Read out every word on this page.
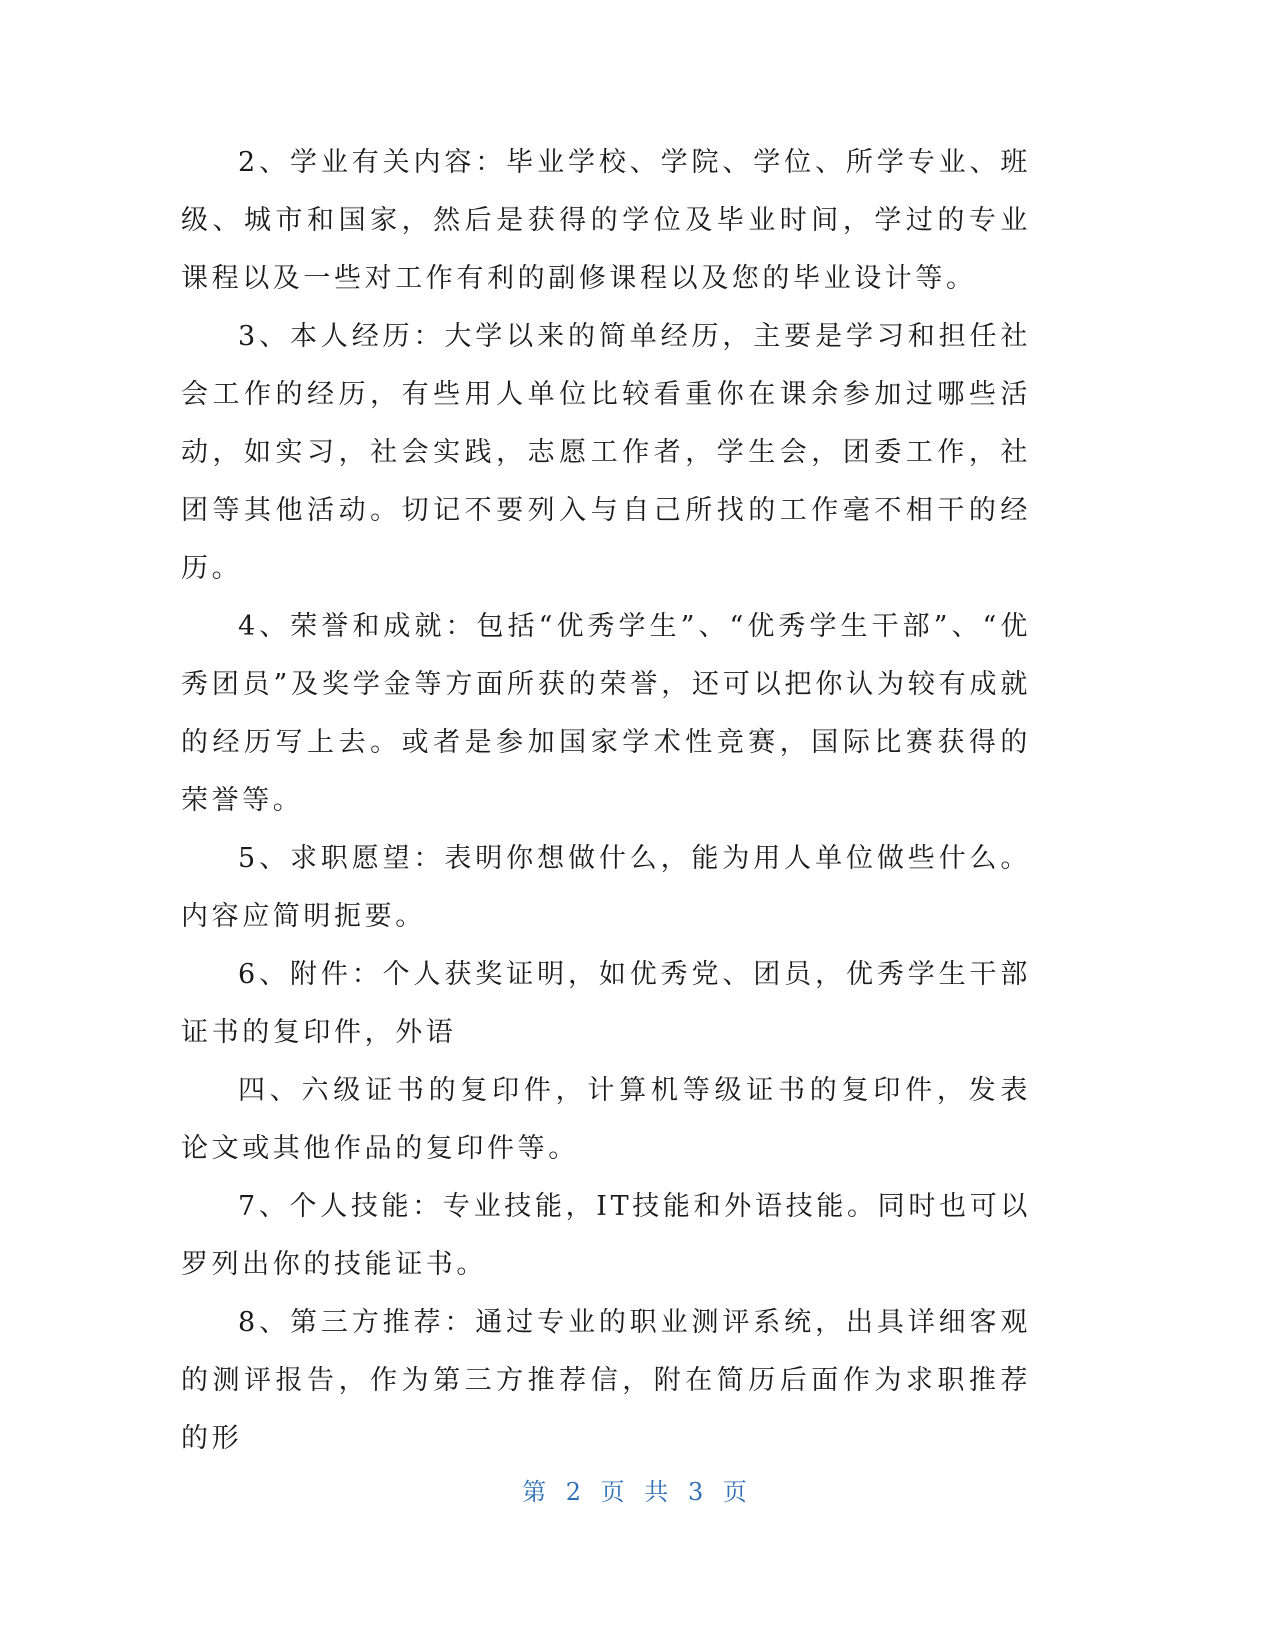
2、学业有关内容：毕业学校、学院、学位、所学专业、班级、城市和国家，然后是获得的学位及毕业时间，学过的专业课程以及一些对工作有利的副修课程以及您的毕业设计等。

3、本人经历：大学以来的简单经历，主要是学习和担任社会工作的经历，有些用人单位比较看重你在课余参加过哪些活动，如实习，社会实践，志愿工作者，学生会，团委工作，社团等其他活动。切记不要列入与自己所找的工作毫不相干的经历。

4、荣誉和成就：包括“优秀学生”、“优秀学生干部”、“优秀团员”及奖学金等方面所获的荣誉，还可以把你认为较有成就的经历写上去。或者是参加国家学术性竞赛，国际比赛获得的荣誉等。

5、求职愿望：表明你想做什么，能为用人单位做些什么。内容应简明扼要。

6、附件：个人获奖证明，如优秀党、团员，优秀学生干部证书的复印件，外语

四、六级证书的复印件，计算机等级证书的复印件，发表论文或其他作品的复印件等。

7、个人技能：专业技能，IT技能和外语技能。同时也可以罗列出你的技能证书。

8、第三方推荐：通过专业的职业测评系统，出具详细客观的测评报告，作为第三方推荐信，附在简历后面作为求职推荐的形

第 2 页 共 3 页
